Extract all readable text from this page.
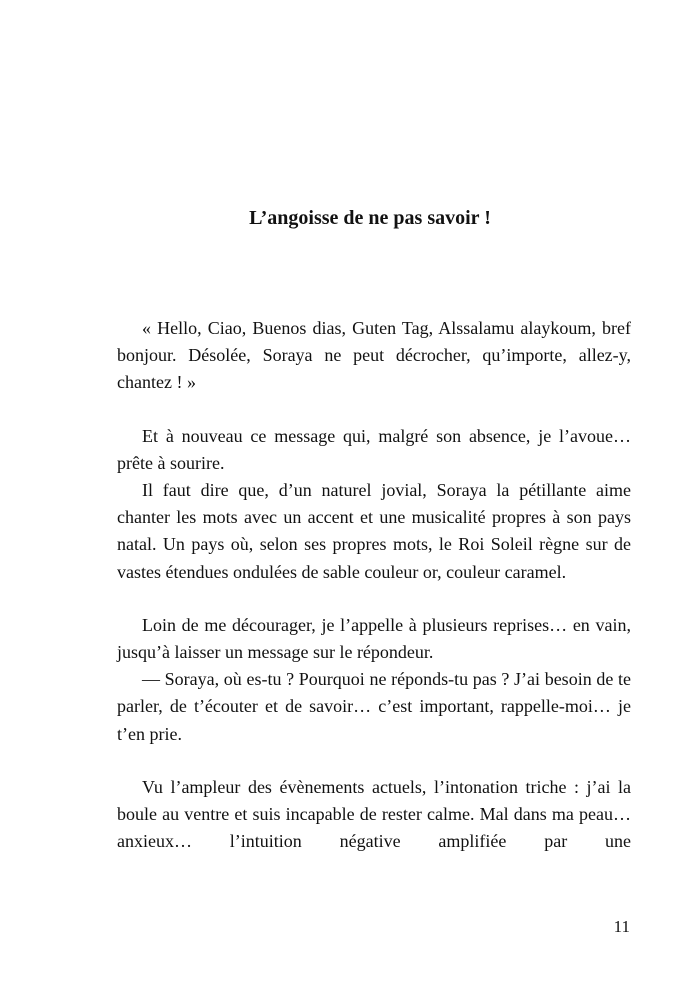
L’angoisse de ne pas savoir !

« Hello, Ciao, Buenos dias, Guten Tag, Alssalamu alaykoum, bref bonjour. Désolée, Soraya ne peut décrocher, qu’importe, allez-y, chantez ! »

Et à nouveau ce message qui, malgré son absence, je l’avoue… prête à sourire.

Il faut dire que, d’un naturel jovial, Soraya la pétillante aime chanter les mots avec un accent et une musicalité propres à son pays natal. Un pays où, selon ses propres mots, le Roi Soleil règne sur de vastes étendues ondulées de sable couleur or, couleur caramel.

Loin de me décourager, je l’appelle à plusieurs reprises… en vain, jusqu’à laisser un message sur le répondeur.

— Soraya, où es-tu ? Pourquoi ne réponds-tu pas ? J’ai besoin de te parler, de t’écouter et de savoir… c’est important, rappelle-moi… je t’en prie.

Vu l’ampleur des évènements actuels, l’intonation triche : j’ai la boule au ventre et suis incapable de rester calme. Mal dans ma peau… anxieux… l’intuition négative amplifiée par une

11
